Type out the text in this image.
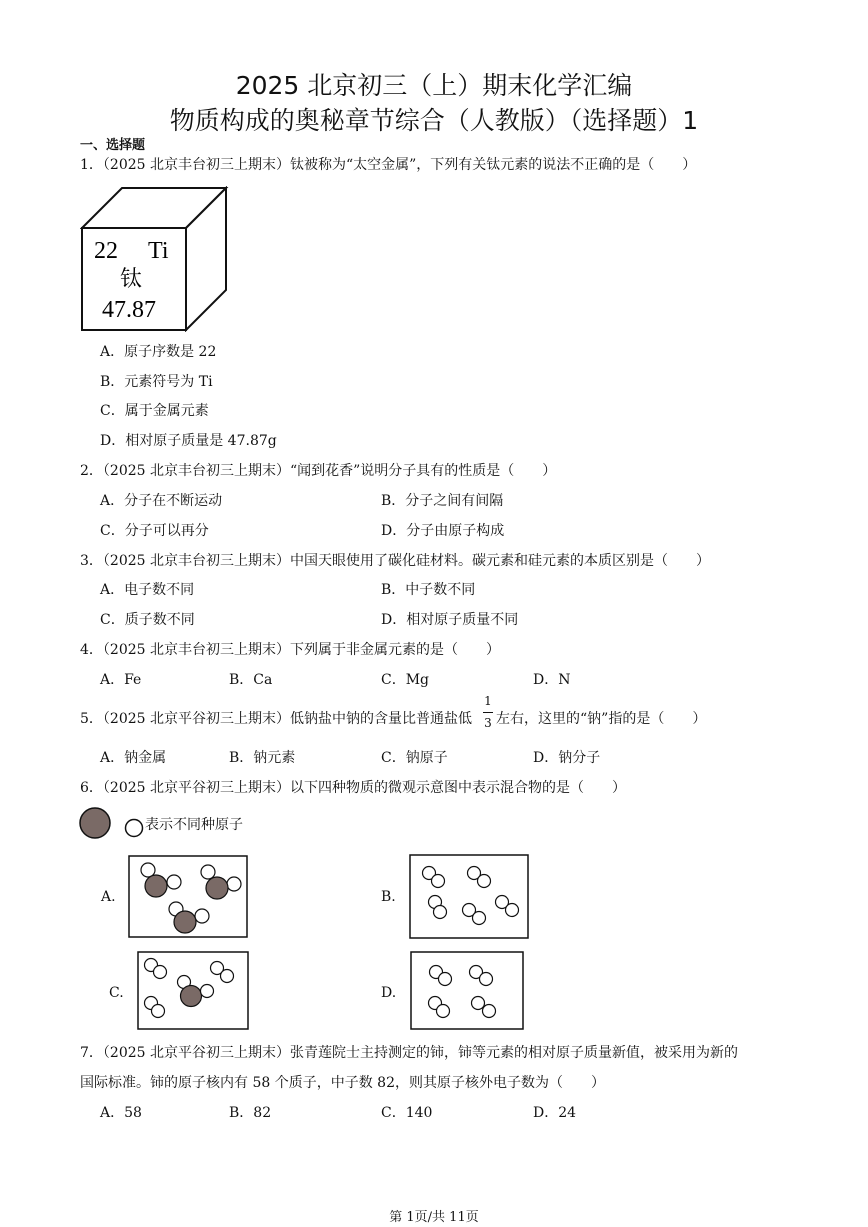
2025 北京初三（上）期末化学汇编
物质构成的奥秘章节综合（人教版）（选择题）1
一、选择题
1．（2025 北京丰台初三上期末）钛被称为“太空金属”，下列有关钛元素的说法不正确的是（　　）
22 Ti
钛
47.87
A．原子序数是 22
B．元素符号为 Ti
C．属于金属元素
D．相对原子质量是 47.87g
2．（2025 北京丰台初三上期末）“闻到花香”说明分子具有的性质是（　　）
A．分子在不断运动	B．分子之间有间隔
C．分子可以再分	D．分子由原子构成
3．（2025 北京丰台初三上期末）中国天眼使用了碳化硅材料。碳元素和硅元素的本质区别是（　　）
A．电子数不同	B．中子数不同
C．质子数不同	D．相对原子质量不同
4．（2025 北京丰台初三上期末）下列属于非金属元素的是（　　）
A．Fe	B．Ca	C．Mg	D．N
5．（2025 北京平谷初三上期末）低钠盐中钠的含量比普通盐低
1
3 左右，这里的“钠”指的是（　　）
A．钠金属	B．钠元素	C．钠原子	D．钠分子
6．（2025 北京平谷初三上期末）以下四种物质的微观示意图中表示混合物的是（　　）
表示不同种原子
A.	B.
C.	D.
7．（2025 北京平谷初三上期末）张青莲院士主持测定的铈，铈等元素的相对原子质量新值，被采用为新的
国际标准。铈的原子核内有 58 个质子，中子数 82，则其原子核外电子数为（　　）
A．58	B．82	C．140	D．24
第 1页/共 11页
